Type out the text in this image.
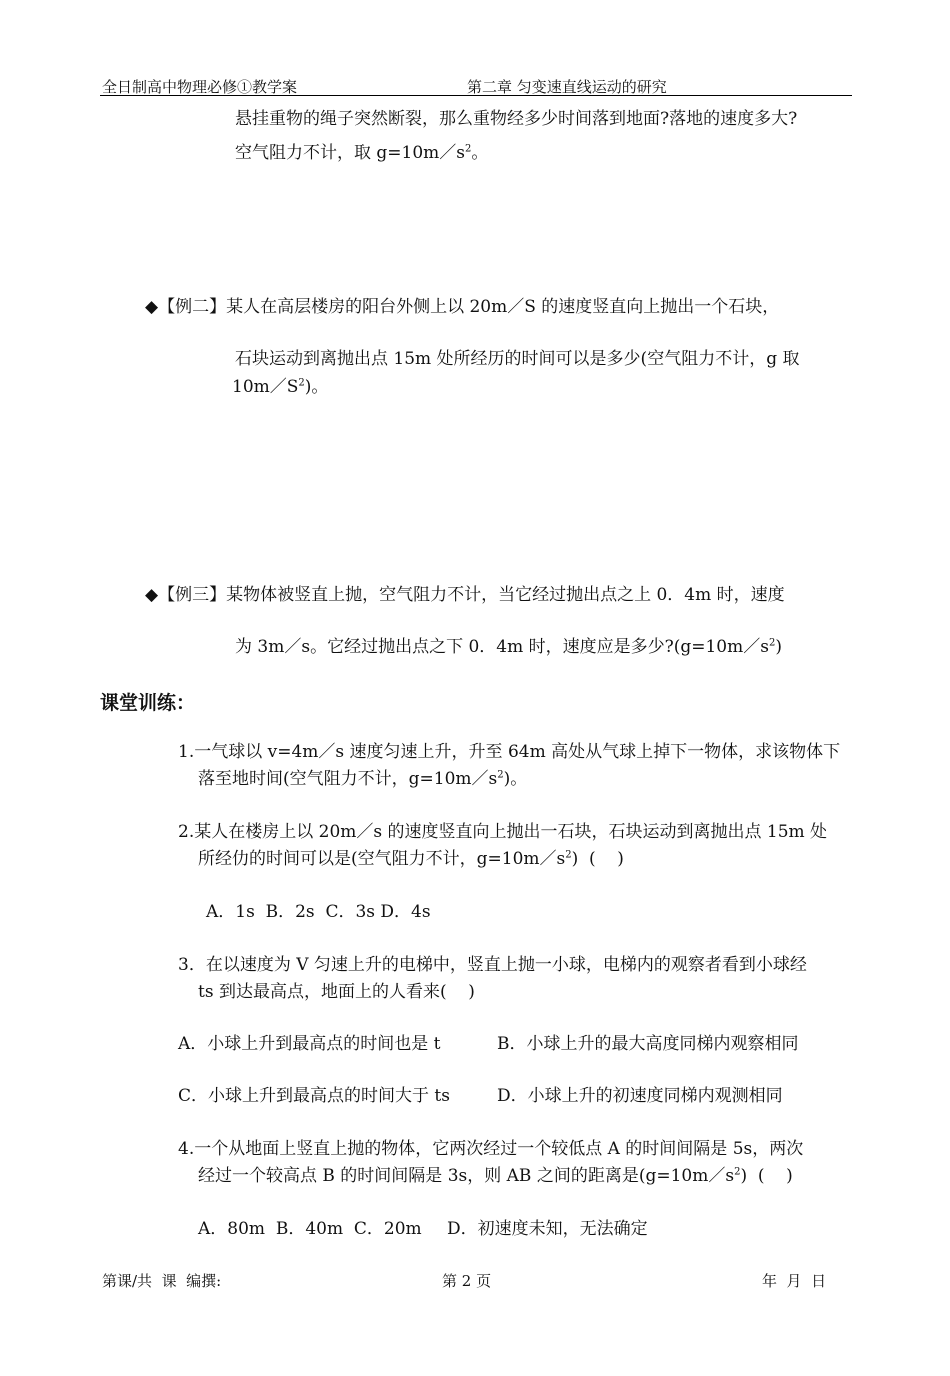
全日制高中物理必修①教学案	第二章 匀变速直线运动的研究
悬挂重物的绳子突然断裂，那么重物经多少时间落到地面?落地的速度多大?
空气阻力不计，取 $g=10m/s^2$。
◆【例二】某人在高层楼房的阳台外侧上以 20m／S 的速度竖直向上抛出一个石块，
石块运动到离抛出点 15m 处所经历的时间可以是多少(空气阻力不计，g 取
$10m/S^2$)。
◆【例三】某物体被竖直上抛，空气阻力不计，当它经过抛出点之上 0．4m 时，速度
为 3m／s。它经过抛出点之下 0．4m 时，速度应是多少$?(g=10m/s^2)$
课堂训练：
1.一气球以 v=4m／s 速度匀速上升，升至 64m 高处从气球上掉下一物体，求该物体下
落至地时间(空气阻力不计，$g=10m/s^2$)。
2.某人在楼房上以 20m／s 的速度竖直向上抛出一石块，石块运动到离抛出点 15m 处
所经仂的时间可以是(空气阻力不计，$g=10m/s^2$)  (    )
A．1s  B．2s  C．3s D．4s
3．在以速度为 V 匀速上升的电梯中，竖直上抛一小球，电梯内的观察者看到小球经
ts 到达最高点，地面上的人看来(    )
A．小球上升到最高点的时间也是 t	B．小球上升的最大高度同梯内观察相同
C．小球上升到最高点的时间大于 ts	D．小球上升的初速度同梯内观测相同
4.一个从地面上竖直上抛的物体，它两次经过一个较低点 A 的时间间隔是 5s，两次
经过一个较高点 B 的时间间隔是 3s，则 AB 之间的距离是$(g=10m/s^2)$  (    )
A．80m  B．40m  C．20m D．初速度未知，无法确定
第课/共  课  编撰:	第 2 页	年  月  日
